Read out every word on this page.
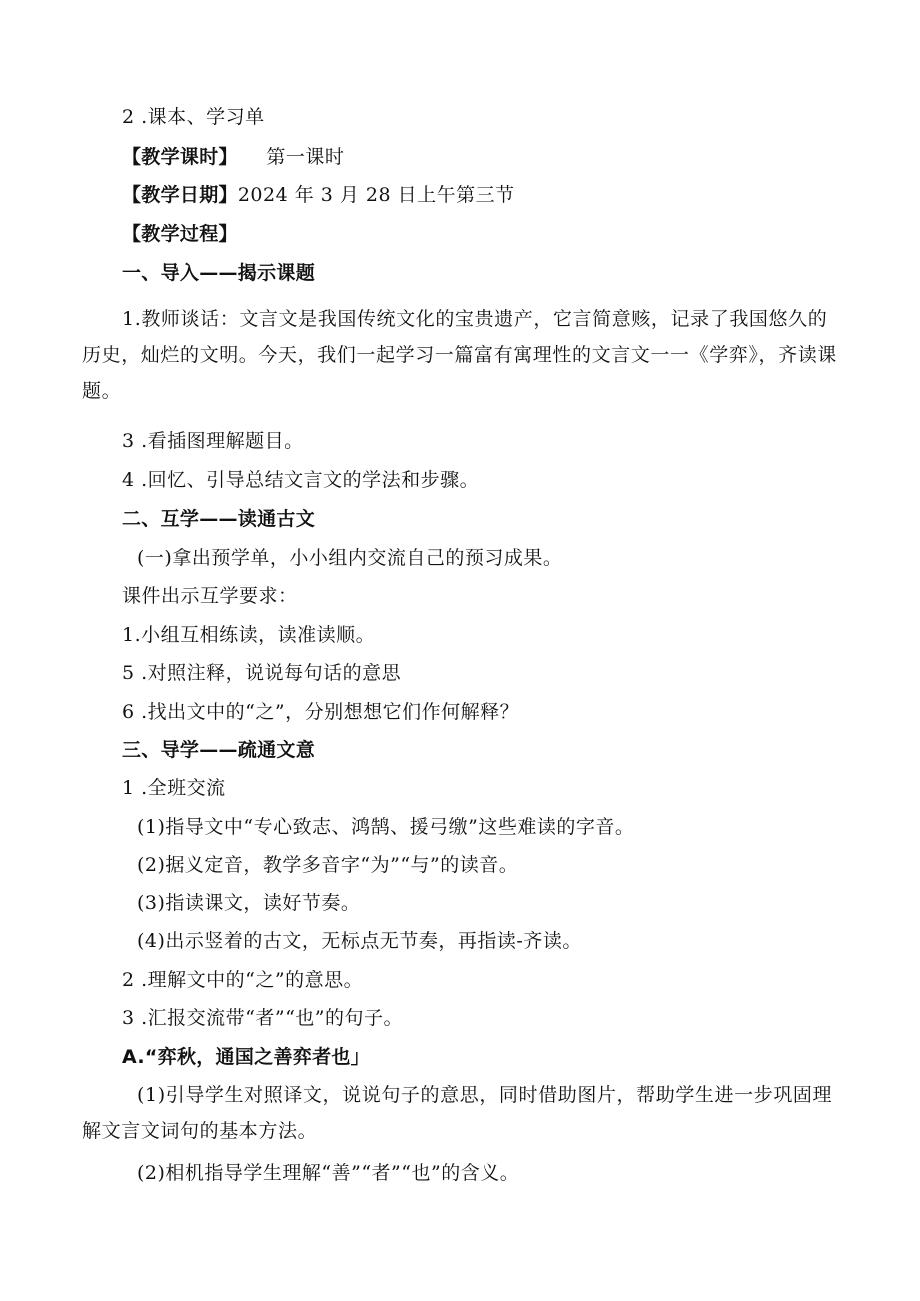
2 .课本、学习单
【教学课时】 第一课时
【教学日期】2024 年 3 月 28 日上午第三节
【教学过程】
一、导入——揭示课题
1.教师谈话：文言文是我国传统文化的宝贵遗产，它言简意赅，记录了我国悠久的历史，灿烂的文明。今天，我们一起学习一篇富有寓理性的文言文一一《学弈》，齐读课题。
3 .看插图理解题目。
4 .回忆、引导总结文言文的学法和步骤。
二、互学——读通古文
(一)拿出预学单，小小组内交流自己的预习成果。
课件出示互学要求：
1.小组互相练读，读准读顺。
5 .对照注释，说说每句话的意思
6 .找出文中的“之”，分别想想它们作何解释？
三、导学——疏通文意
1 .全班交流
(1)指导文中“专心致志、鸿鹄、援弓缴”这些难读的字音。
(2)据义定音，教学多音字“为”“与”的读音。
(3)指读课文，读好节奏。
(4)出示竖着的古文，无标点无节奏，再指读-齐读。
2 .理解文中的“之”的意思。
3 .汇报交流带“者”“也”的句子。
A.“弈秋，通国之善弈者也」
(1)引导学生对照译文，说说句子的意思，同时借助图片，帮助学生进一步巩固理解文言文词句的基本方法。
(2)相机指导学生理解“善”“者”“也”的含义。
